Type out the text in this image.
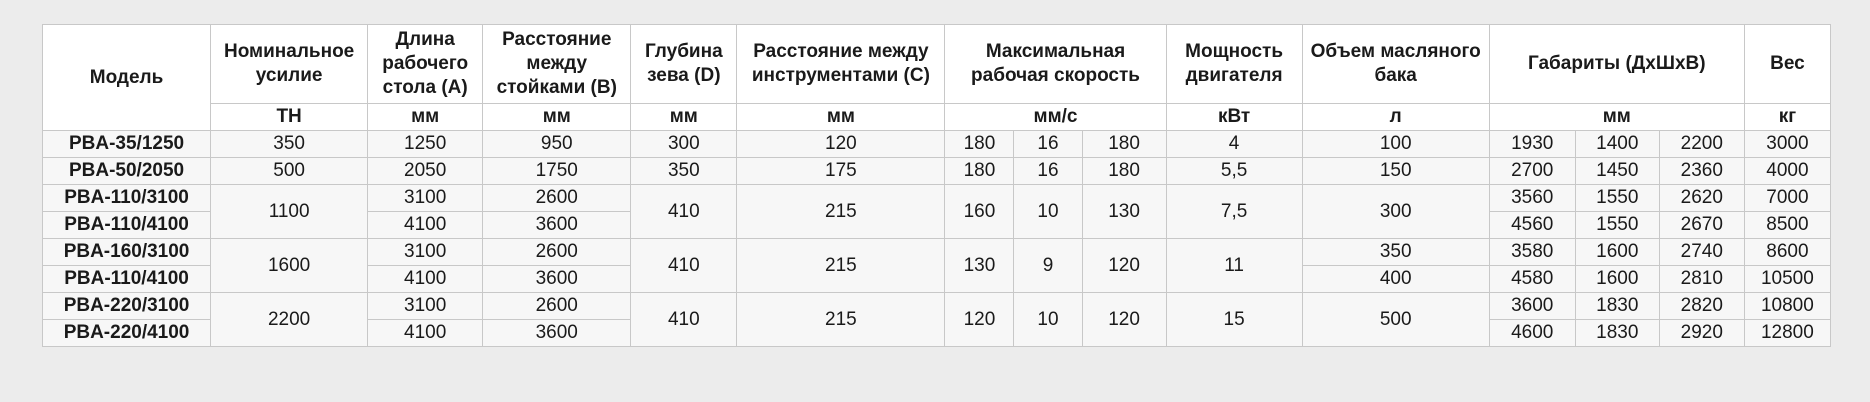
Модель	Номинальное усилие	Длина рабочего стола (А)	Расстояние между стойками (В)	Глубина зева (D)	Расстояние между инструментами (С)	Максимальная рабочая скорость			Мощность двигателя	Объем масляного бака	Габариты (ДхШхВ)			Вес
	ТН	мм	мм	мм	мм	мм/с			кВт	л	мм			кг
PBA-35/1250	350	1250	950	300	120	180	16	180	4	100	1930	1400	2200	3000
PBA-50/2050	500	2050	1750	350	175	180	16	180	5,5	150	2700	1450	2360	4000
PBA-110/3100	1100	3100	2600	410	215	160	10	130	7,5	300	3560	1550	2620	7000
PBA-110/4100		4100	3600								4560	1550	2670	8500
PBA-160/3100	1600	3100	2600	410	215	130	9	120	11	350	3580	1600	2740	8600
PBA-110/4100		4100	3600							400	4580	1600	2810	10500
PBA-220/3100	2200	3100	2600	410	215	120	10	120	15	500	3600	1830	2820	10800
PBA-220/4100		4100	3600								4600	1830	2920	12800
